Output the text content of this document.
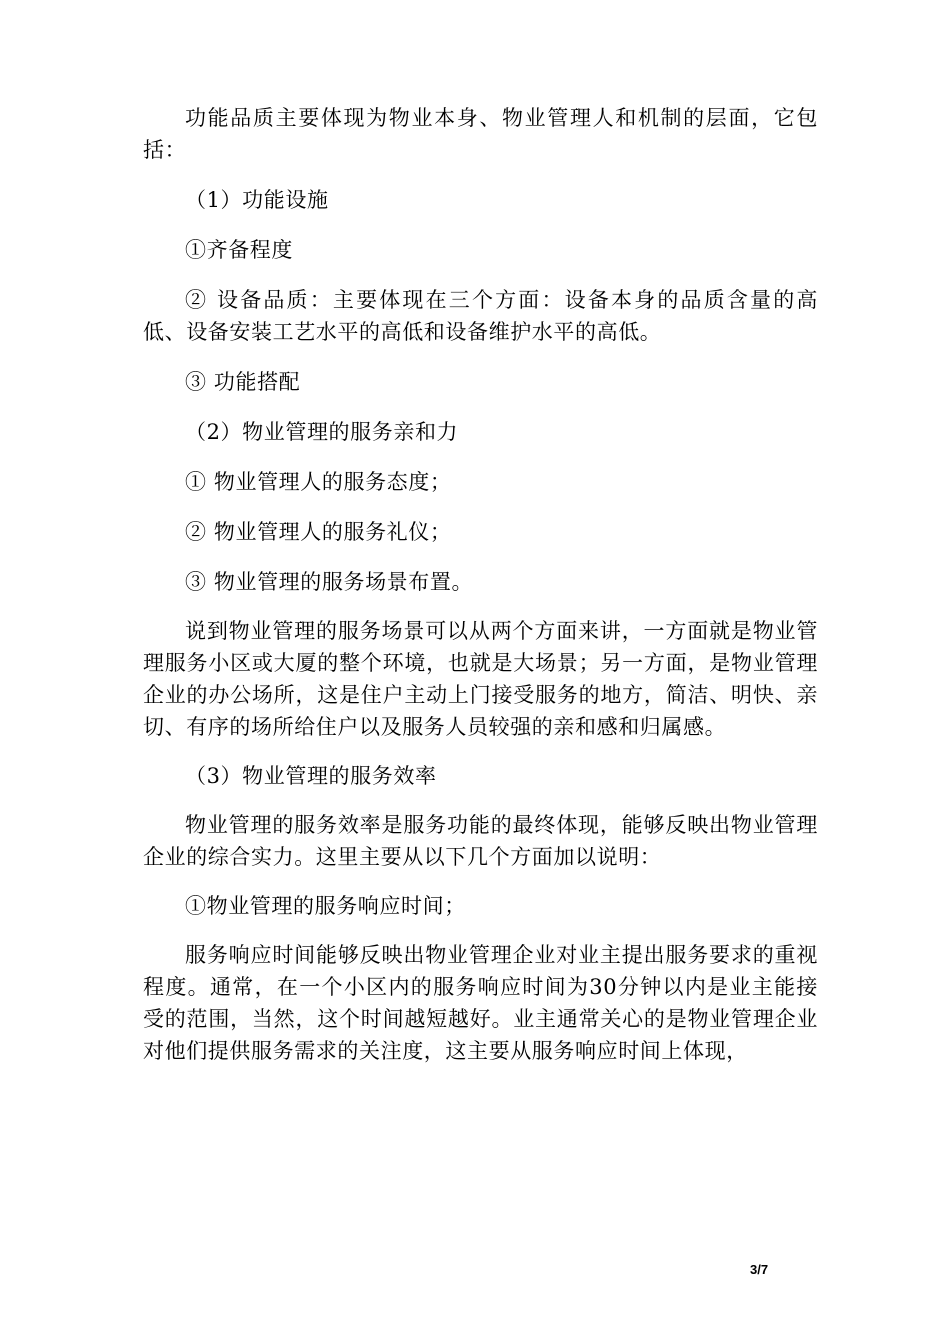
功能品质主要体现为物业本身、物业管理人和机制的层面，它包括：

（1）功能设施

①齐备程度

② 设备品质：主要体现在三个方面：设备本身的品质含量的高低、设备安装工艺水平的高低和设备维护水平的高低。

③ 功能搭配

（2）物业管理的服务亲和力

① 物业管理人的服务态度；

② 物业管理人的服务礼仪；

③ 物业管理的服务场景布置。

说到物业管理的服务场景可以从两个方面来讲，一方面就是物业管理服务小区或大厦的整个环境，也就是大场景；另一方面，是物业管理企业的办公场所，这是住户主动上门接受服务的地方，简洁、明快、亲切、有序的场所给住户以及服务人员较强的亲和感和归属感。

（3）物业管理的服务效率

物业管理的服务效率是服务功能的最终体现，能够反映出物业管理企业的综合实力。这里主要从以下几个方面加以说明：

①物业管理的服务响应时间；

服务响应时间能够反映出物业管理企业对业主提出服务要求的重视程度。通常，在一个小区内的服务响应时间为30分钟以内是业主能接受的范围，当然，这个时间越短越好。业主通常关心的是物业管理企业对他们提供服务需求的关注度，这主要从服务响应时间上体现，

3/7
